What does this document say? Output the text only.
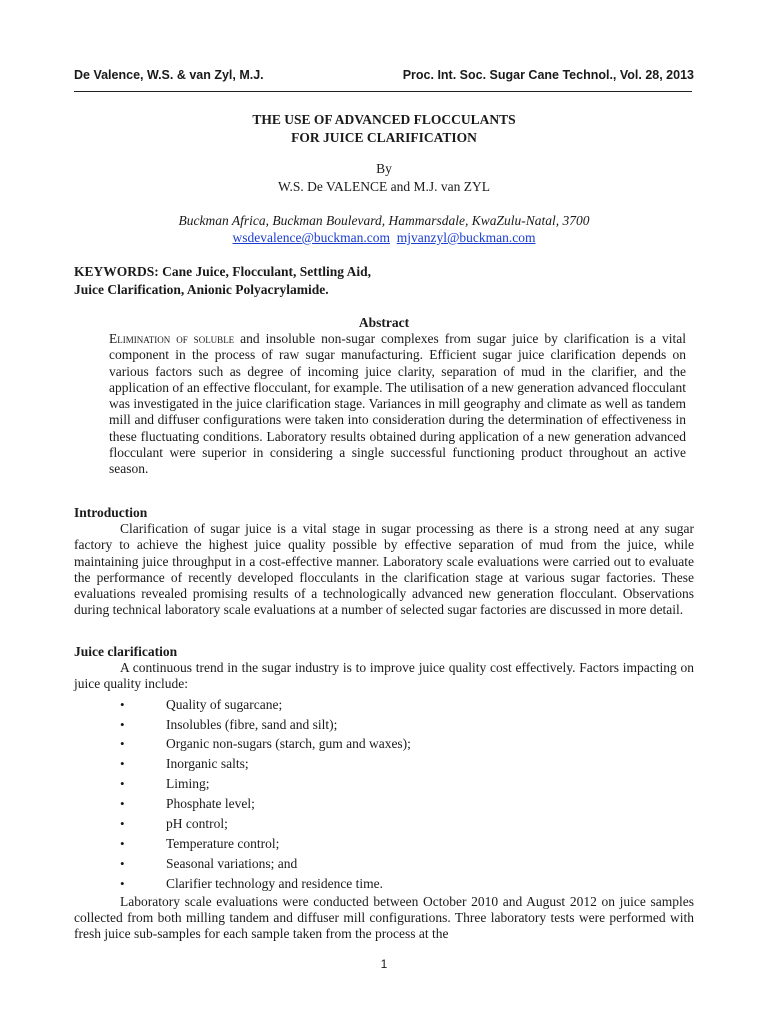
De Valence, W.S. & van Zyl, M.J.	Proc. Int. Soc. Sugar Cane Technol., Vol. 28, 2013
THE USE OF ADVANCED FLOCCULANTS
FOR JUICE CLARIFICATION
By
W.S. De VALENCE and M.J. van ZYL
Buckman Africa, Buckman Boulevard, Hammarsdale, KwaZulu-Natal, 3700
wsdevalence@buckman.com mjvanzyl@buckman.com
KEYWORDS: Cane Juice, Flocculant, Settling Aid,
Juice Clarification, Anionic Polyacrylamide.
Abstract
Elimination of soluble and insoluble non-sugar complexes from sugar juice by clarification is a vital component in the process of raw sugar manufacturing. Efficient sugar juice clarification depends on various factors such as degree of incoming juice clarity, separation of mud in the clarifier, and the application of an effective flocculant, for example. The utilisation of a new generation advanced flocculant was investigated in the juice clarification stage. Variances in mill geography and climate as well as tandem mill and diffuser configurations were taken into consideration during the determination of effectiveness in these fluctuating conditions. Laboratory results obtained during application of a new generation advanced flocculant were superior in considering a single successful functioning product throughout an active season.
Introduction

Clarification of sugar juice is a vital stage in sugar processing as there is a strong need at any sugar factory to achieve the highest juice quality possible by effective separation of mud from the juice, while maintaining juice throughput in a cost-effective manner. Laboratory scale evaluations were carried out to evaluate the performance of recently developed flocculants in the clarification stage at various sugar factories. These evaluations revealed promising results of a technologically advanced new generation flocculant. Observations during technical laboratory scale evaluations at a number of selected sugar factories are discussed in more detail.

Juice clarification

A continuous trend in the sugar industry is to improve juice quality cost effectively. Factors impacting on juice quality include:

• Quality of sugarcane;
• Insolubles (fibre, sand and silt);
• Organic non-sugars (starch, gum and waxes);
• Inorganic salts;
• Liming;
• Phosphate level;
• pH control;
• Temperature control;
• Seasonal variations; and
• Clarifier technology and residence time.

Laboratory scale evaluations were conducted between October 2010 and August 2012 on juice samples collected from both milling tandem and diffuser mill configurations. Three laboratory tests were performed with fresh juice sub-samples for each sample taken from the process at the

1
